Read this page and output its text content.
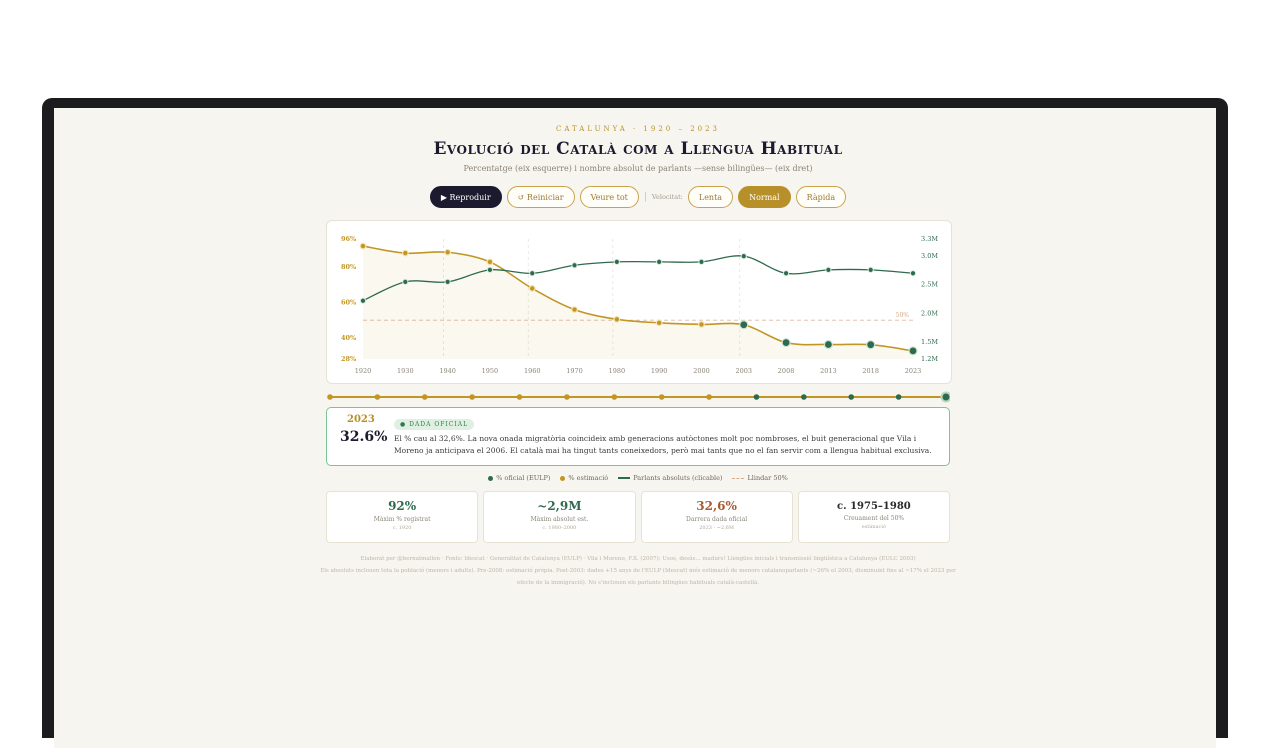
CATALUNYA · 1920 – 2023
Evolució del Català com a Llengua Habitual
Percentatge (eix esquerre) i nombre absolut de parlants —sense bilingües— (eix dret)
▶ Reproduir	↺ Reiniciar	Veure tot	| Velocitat:	Lenta	Normal	Ràpida
50%
96%
80%
60%
40%
28%
3.3M
3.0M
2.5M
2.0M
1.5M
1.2M
1920	1930	1940	1950	1960	1970	1980	1990	2000	2003	2008	2013	2018	2023
2023
32.6%
● DADA OFICIAL
El % cau al 32,6%. La nova onada migratòria coincideix amb generacions autòctones molt poc nombroses, el buit generacional que Vila i Moreno ja anticipava el 2006. El català mai ha tingut tants coneixedors, però mai tants que no el fan servir com a llengua habitual exclusiva.
% oficial (EULP)	% estimació	Parlants absoluts (clicable)	Llindar 50%
92%
Màxim % registrat
c. 1920
~2,9M
Màxim absolut est.
c. 1980–2000
32,6%
Darrera dada oficial
2023 · ~2,6M
c. 1975–1980
Creuament del 50%
estimació
Elaborat per @bernatmallen · Fonts: Idescat · Generalitat de Catalunya (EULP) · Vila i Moreno, F.X. (2007): Usos, desús... madurs! Llengües inicials i transmissió lingüística a Catalunya (EULC 2003)
Els absoluts inclouen tota la població (menors i adults). Pre-2008: estimació pròpia. Post-2003: dades +15 anys de l'EULP (Idescat) més estimació de menors catalanoparlants (~26% el 2003, disminuint fins al ~17% el 2023 per
efecte de la immigració). No s'inclouen els parlants bilingües habituals català-castellà.
